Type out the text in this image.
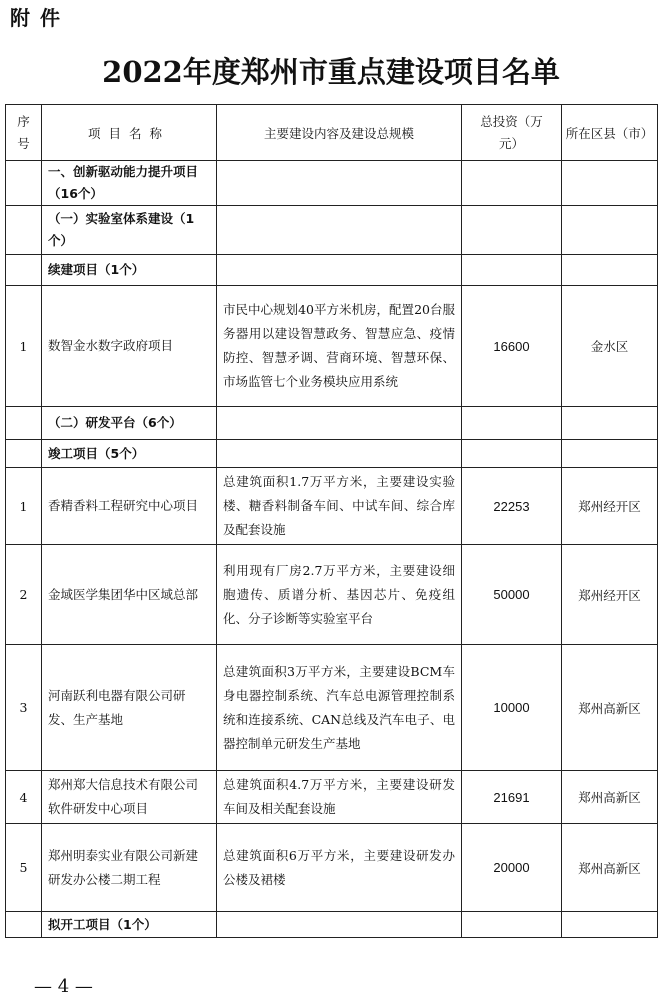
附件
2022年度郑州市重点建设项目名单
序号	项目名称	主要建设内容及建设总规模	总投资（万元）	所在区县（市）
	一、创新驱动能力提升项目（16个）			
	（一）实验室体系建设（1个）			
	续建项目（1个）			
1	数智金水数字政府项目	市民中心规划40平方米机房，配置20台服务器用以建设智慧政务、智慧应急、疫情防控、智慧矛调、营商环境、智慧环保、市场监管七个业务模块应用系统	16600	金水区
	（二）研发平台（6个）			
	竣工项目（5个）			
1	香精香料工程研究中心项目	总建筑面积1.7万平方米，主要建设实验楼、糖香料制备车间、中试车间、综合库及配套设施	22253	郑州经开区
2	金域医学集团华中区域总部	利用现有厂房2.7万平方米，主要建设细胞遗传、质谱分析、基因芯片、免疫组化、分子诊断等实验室平台	50000	郑州经开区
3	河南跃利电器有限公司研发、生产基地	总建筑面积3万平方米，主要建设BCM车身电器控制系统、汽车总电源管理控制系统和连接系统、CAN总线及汽车电子、电器控制单元研发生产基地	10000	郑州高新区
4	郑州郑大信息技术有限公司软件研发中心项目	总建筑面积4.7万平方米，主要建设研发车间及相关配套设施	21691	郑州高新区
5	郑州明泰实业有限公司新建研发办公楼二期工程	总建筑面积6万平方米，主要建设研发办公楼及裙楼	20000	郑州高新区
	拟开工项目（1个）			
— 4 —
